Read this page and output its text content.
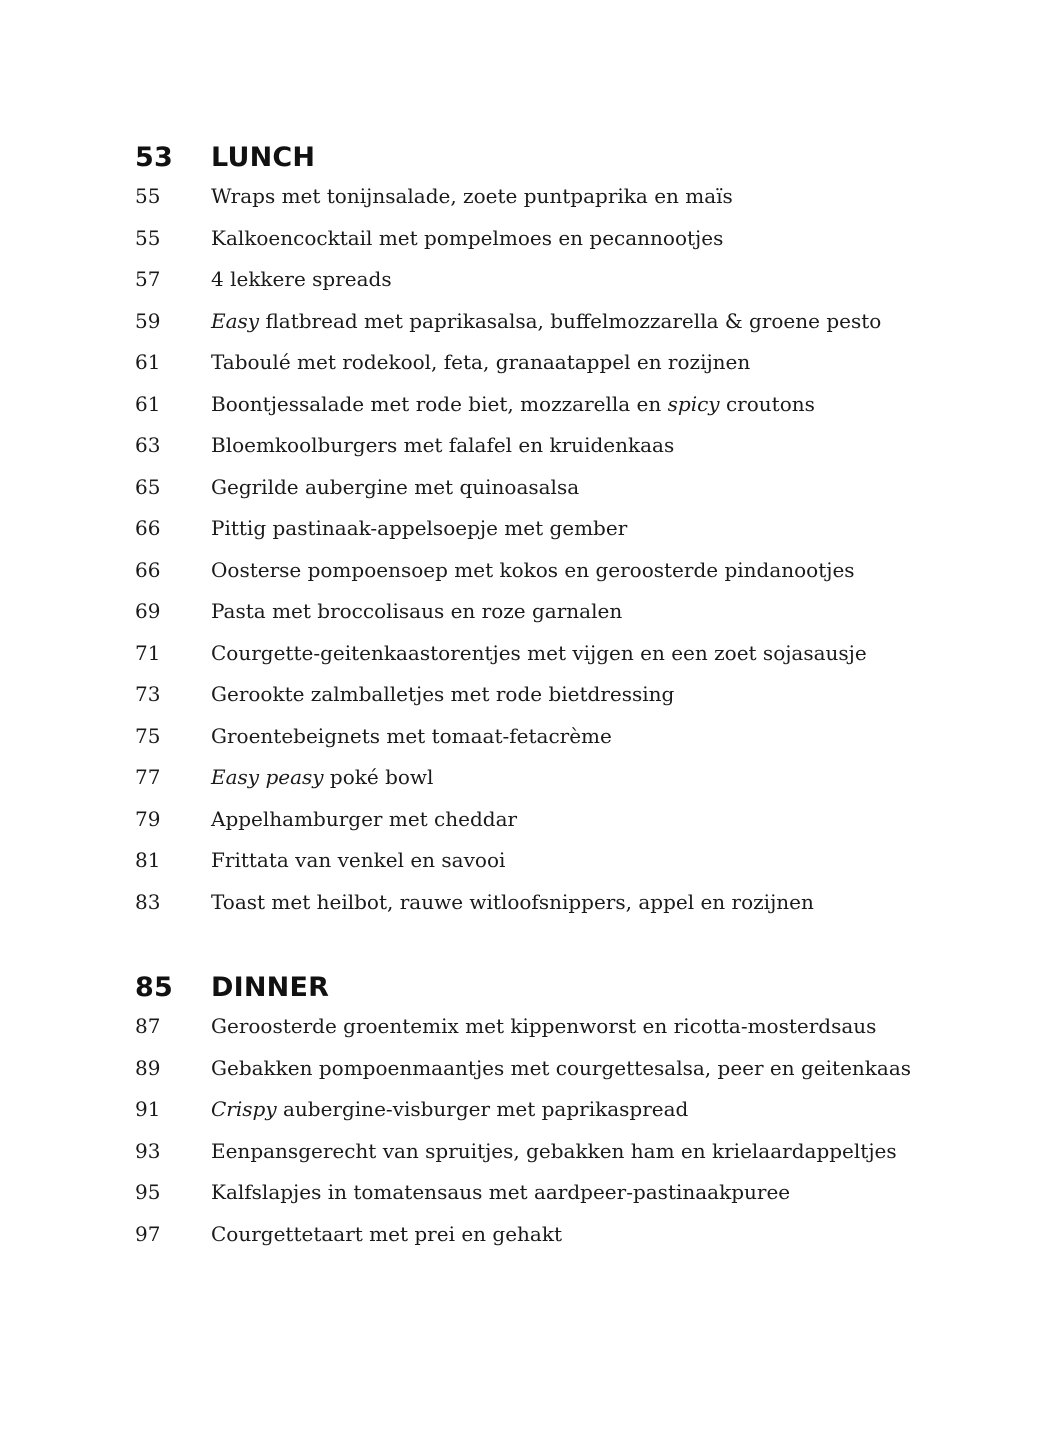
53 LUNCH
55	Wraps met tonijnsalade, zoete puntpaprika en maïs
55	Kalkoencocktail met pompelmoes en pecannootjes
57	4 lekkere spreads
59	Easy flatbread met paprikasalsa, buffelmozzarella & groene pesto
61	Taboulé met rodekool, feta, granaatappel en rozijnen
61	Boontjessalade met rode biet, mozzarella en spicy croutons
63	Bloemkoolburgers met falafel en kruidenkaas
65	Gegrilde aubergine met quinoasalsa
66	Pittig pastinaak-appelsoepje met gember
66	Oosterse pompoensoep met kokos en geroosterde pindanootjes
69	Pasta met broccolisaus en roze garnalen
71	Courgette-geitenkaastorentjes met vijgen en een zoet sojasausje
73	Gerookte zalmballetjes met rode bietdressing
75	Groentebeignets met tomaat-fetacrème
77	Easy peasy poké bowl
79	Appelhamburger met cheddar
81	Frittata van venkel en savooi
83	Toast met heilbot, rauwe witloofsnippers, appel en rozijnen
85 DINNER
87	Geroosterde groentemix met kippenworst en ricotta-mosterdsaus
89	Gebakken pompoenmaantjes met courgettesalsa, peer en geitenkaas
91	Crispy aubergine-visburger met paprikaspread
93	Eenpansgerecht van spruitjes, gebakken ham en krielaardappeltjes
95	Kalfslapjes in tomatensaus met aardpeer-pastinaakpuree
97	Courgettetaart met prei en gehakt
